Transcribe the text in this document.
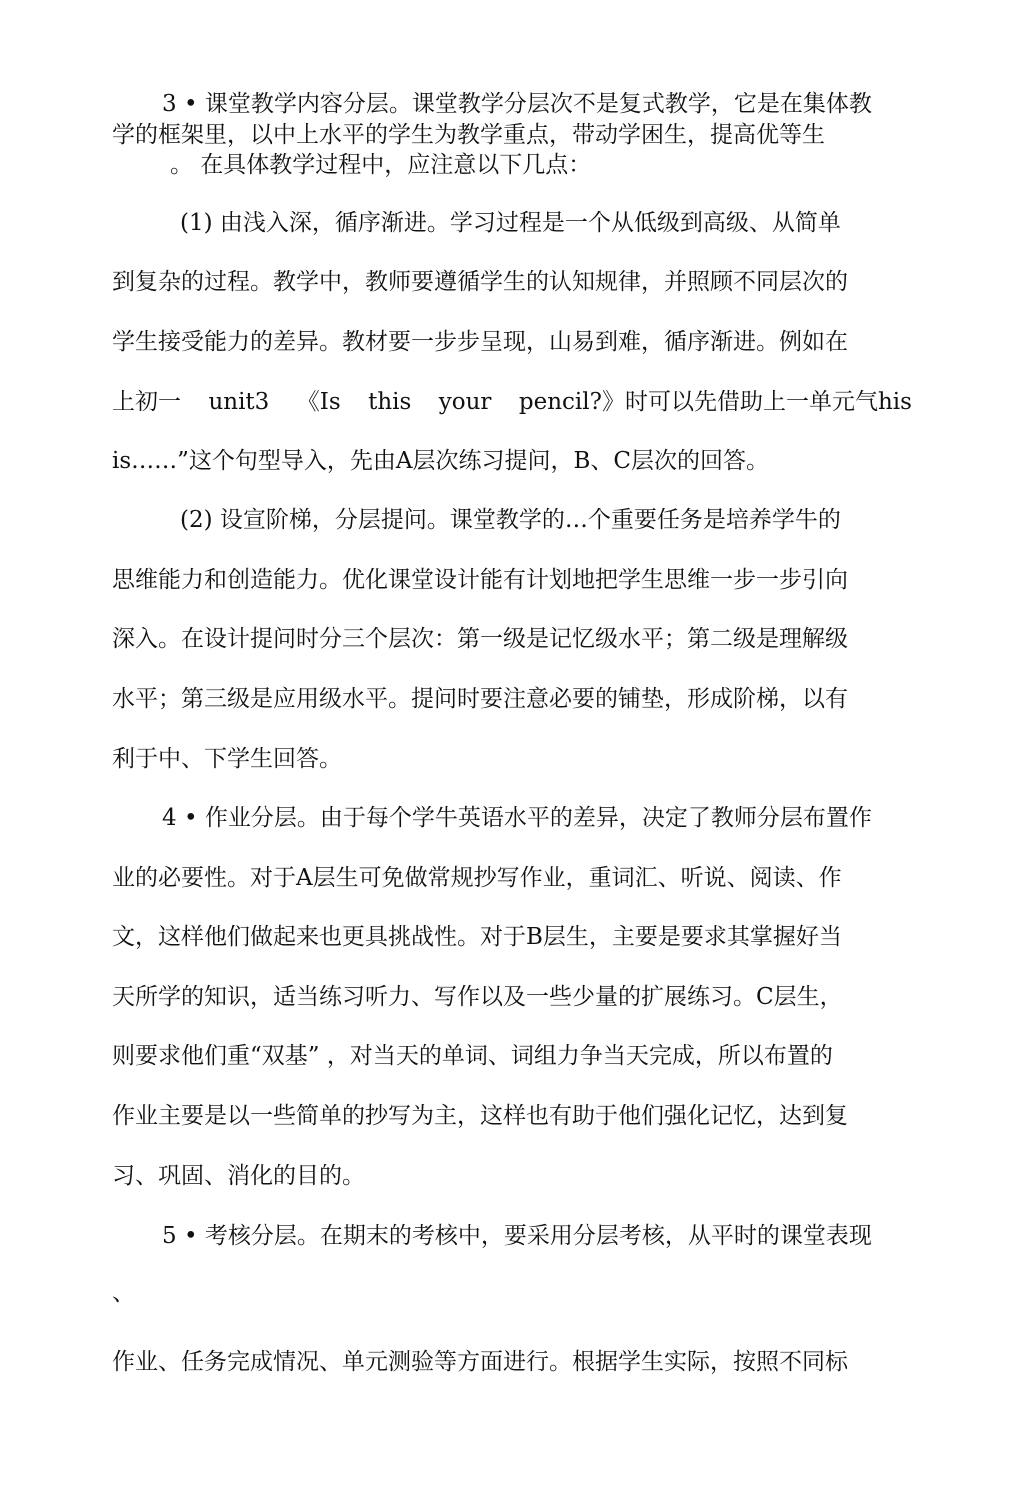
3 • 课堂教学内容分层。课堂教学分层次不是复式教学，它是在集体教
学的框架里，以中上水平的学生为教学重点，带动学困生，提高优等生
。 在具体教学过程中，应注意以下几点：
(1) 由浅入深，循序渐进。学习过程是一个从低级到高级、从简单
到复杂的过程。教学中，教师要遵循学生的认知规律，并照顾不同层次的
学生接受能力的差异。教材要一步步呈现，山易到难，循序渐进。例如在
上初一 unit3 《Is this your pencil?》时可以先借助上一单元气his
is……”这个句型导入，先由A层次练习提问，B、C层次的回答。
(2) 设宣阶梯，分层提问。课堂教学的…个重要任务是培养学牛的
思维能力和创造能力。优化课堂设计能有计划地把学生思维一步一步引向
深入。在设计提问时分三个层次：第一级是记忆级水平；第二级是理解级
水平；第三级是应用级水平。提问时要注意必要的铺垫，形成阶梯，以有
利于中、下学生回答。
4 • 作业分层。由于每个学牛英语水平的差异，决定了教师分层布置作
业的必要性。对于A层生可免做常规抄写作业，重词汇、听说、阅读、作
文，这样他们做起来也更具挑战性。对于B层生，主要是要求其掌握好当
天所学的知识，适当练习听力、写作以及一些少量的扩展练习。C层生，
则要求他们重“双基” ，对当天的单词、词组力争当天完成，所以布置的
作业主要是以一些简单的抄写为主，这样也有助于他们强化记忆，达到复
习、巩固、消化的目的。
5 • 考核分层。在期末的考核中，要采用分层考核，从平时的课堂表现
、
作业、任务完成情况、单元测验等方面进行。根据学生实际，按照不同标
